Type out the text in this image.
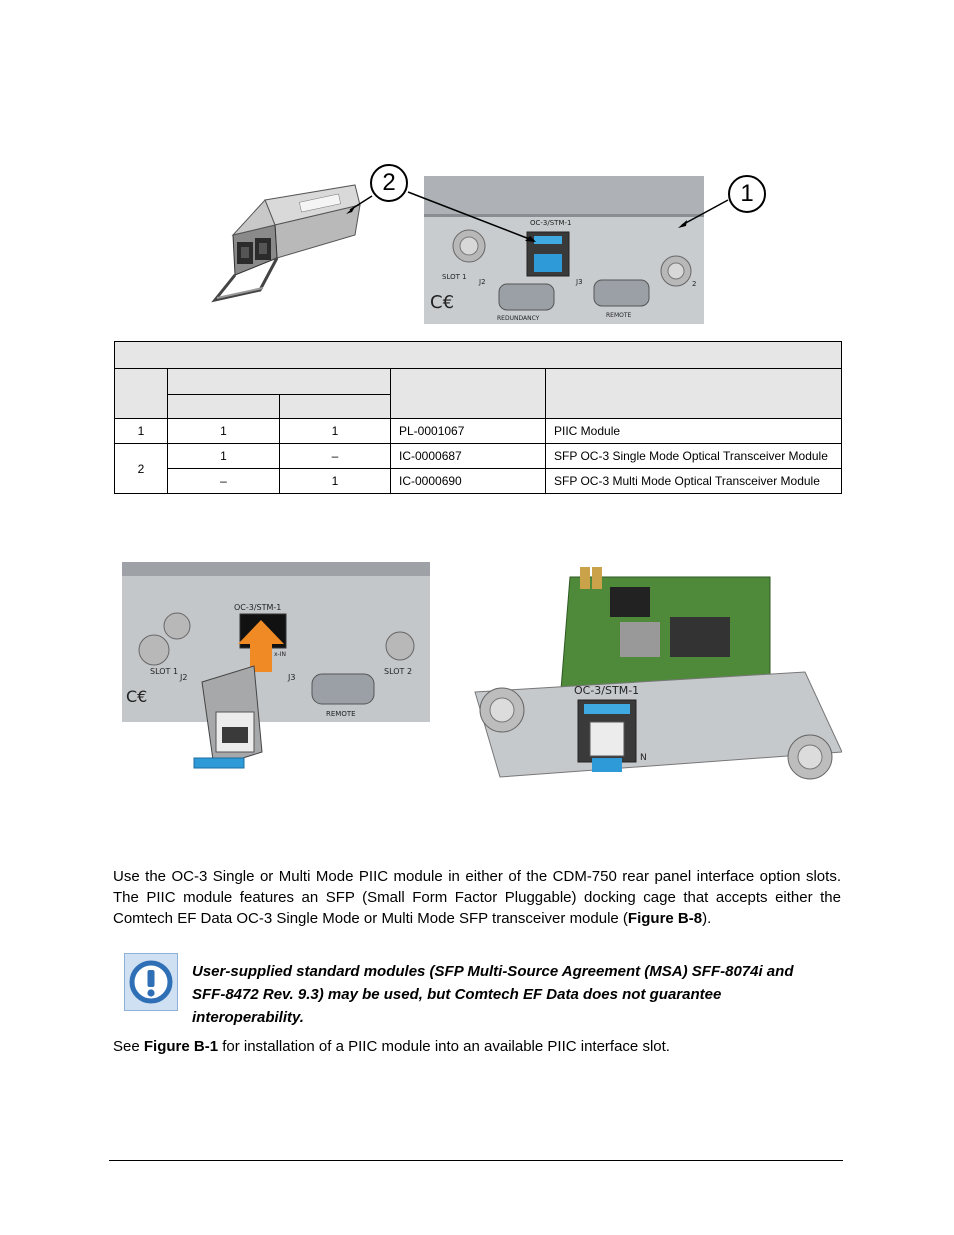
C€
OC-3/STM-1
SLOT 1
2
J2	J3
REDUNDANCY	REMOTE
2	1

1	1	1	PL-0001067	PIIC Module
2	1	–	IC-0000687	SFP OC-3 Single Mode Optical Transceiver Module
	–	1	IC-0000690	SFP OC-3 Multi Mode Optical Transceiver Module
C€
OC-3/STM-1
SLOT 1	SLOT 2
J2	J3
REMOTE
x-IN
OC-3/STM-1
N
Use the OC-3 Single or Multi Mode PIIC module in either of the CDM-750 rear panel interface option slots. The PIIC module features an SFP (Small Form Factor Pluggable) docking cage that accepts either the Comtech EF Data OC-3 Single Mode or Multi Mode SFP transceiver module (Figure B-8).
User-supplied standard modules (SFP Multi-Source Agreement (MSA) SFF-8074i and SFF-8472 Rev. 9.3) may be used, but Comtech EF Data does not guarantee interoperability.
See Figure B-1 for installation of a PIIC module into an available PIIC interface slot.
